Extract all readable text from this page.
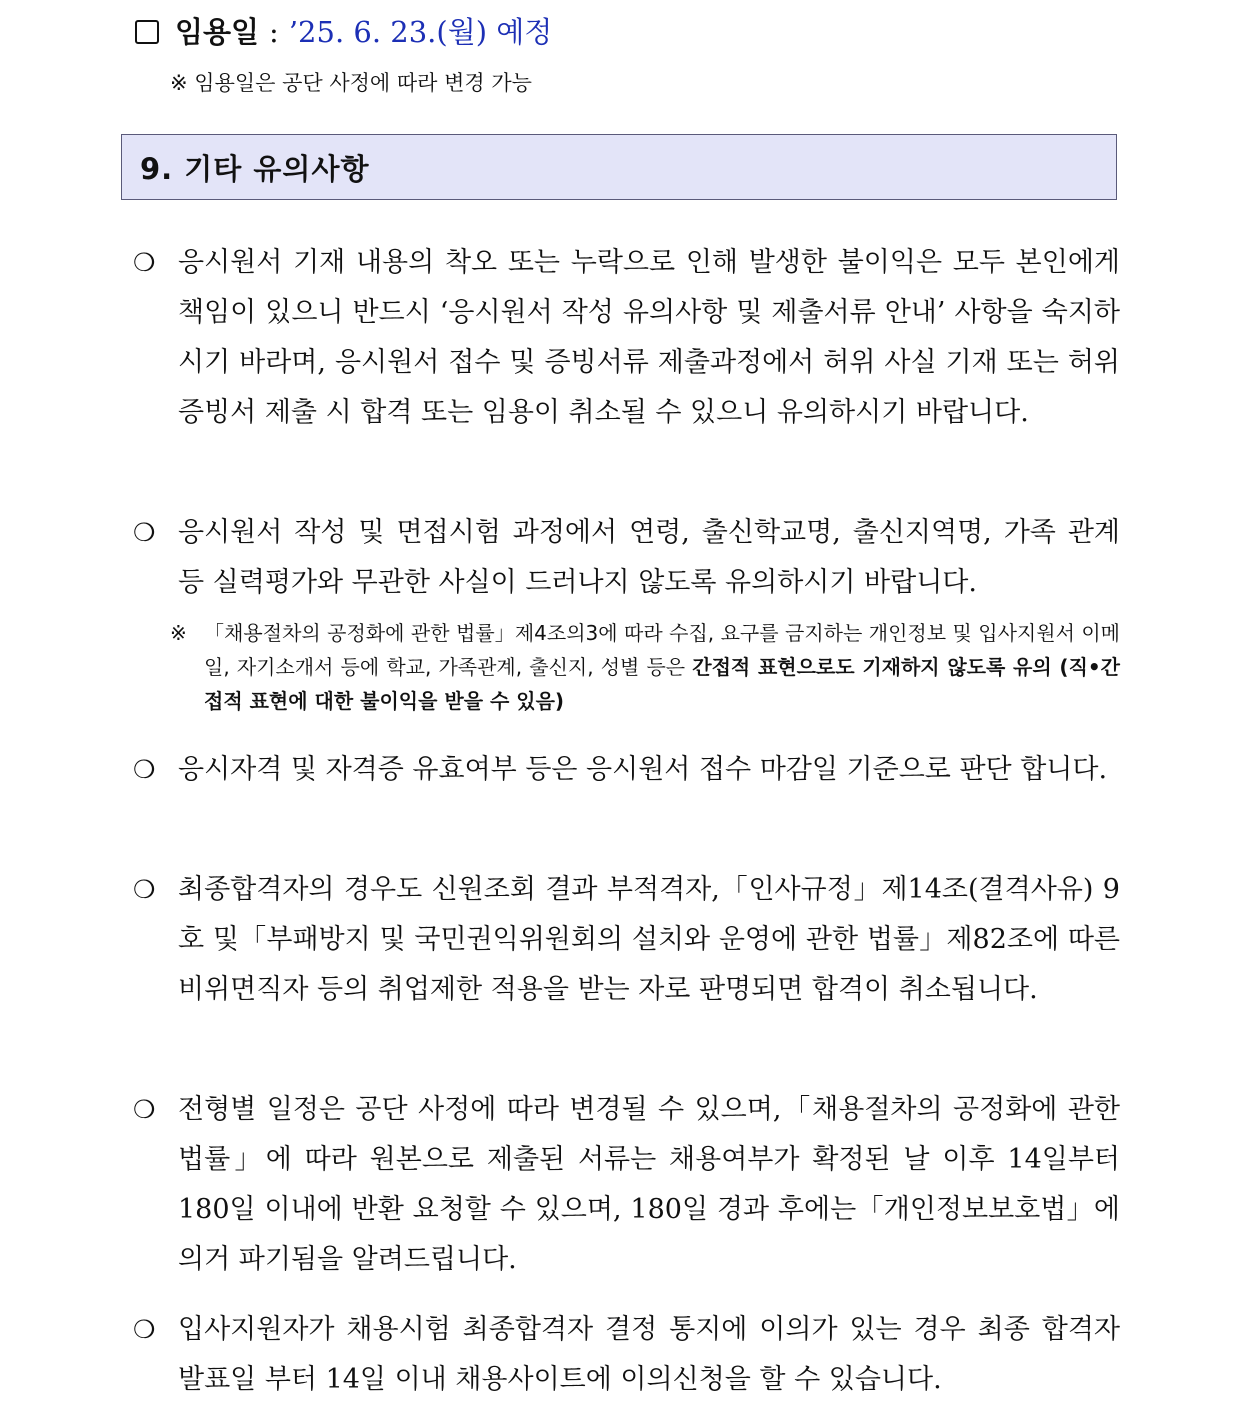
임용일 : ’25. 6. 23.(월) 예정
※ 임용일은 공단 사정에 따라 변경 가능
9. 기타 유의사항
❍ 응시원서 기재 내용의 착오 또는 누락으로 인해 발생한 불이익은 모두 본인에게 책임이 있으니 반드시 ‘응시원서 작성 유의사항 및 제출서류 안내’ 사항을 숙지하시기 바라며, 응시원서 접수 및 증빙서류 제출과정에서 허위 사실 기재 또는 허위증빙서 제출 시 합격 또는 임용이 취소될 수 있으니 유의하시기 바랍니다.
❍ 응시원서 작성 및 면접시험 과정에서 연령, 출신학교명, 출신지역명, 가족 관계 등 실력평가와 무관한 사실이 드러나지 않도록 유의하시기 바랍니다.
※ 「채용절차의 공정화에 관한 법률」제4조의3에 따라 수집, 요구를 금지하는 개인정보 및 입사지원서 이메일, 자기소개서 등에 학교, 가족관계, 출신지, 성별 등은 간접적 표현으로도 기재하지 않도록 유의 (직•간접적 표현에 대한 불이익을 받을 수 있음)
❍ 응시자격 및 자격증 유효여부 등은 응시원서 접수 마감일 기준으로 판단 합니다.
❍ 최종합격자의 경우도 신원조회 결과 부적격자,「인사규정」제14조(결격사유) 9호 및「부패방지 및 국민권익위원회의 설치와 운영에 관한 법률」제82조에 따른 비위면직자 등의 취업제한 적용을 받는 자로 판명되면 합격이 취소됩니다.
❍ 전형별 일정은 공단 사정에 따라 변경될 수 있으며,「채용절차의 공정화에 관한 법률」에 따라 원본으로 제출된 서류는 채용여부가 확정된 날 이후 14일부터 180일 이내에 반환 요청할 수 있으며, 180일 경과 후에는「개인정보보호법」에 의거 파기됨을 알려드립니다.
❍ 입사지원자가 채용시험 최종합격자 결정 통지에 이의가 있는 경우 최종 합격자 발표일 부터 14일 이내 채용사이트에 이의신청을 할 수 있습니다.
